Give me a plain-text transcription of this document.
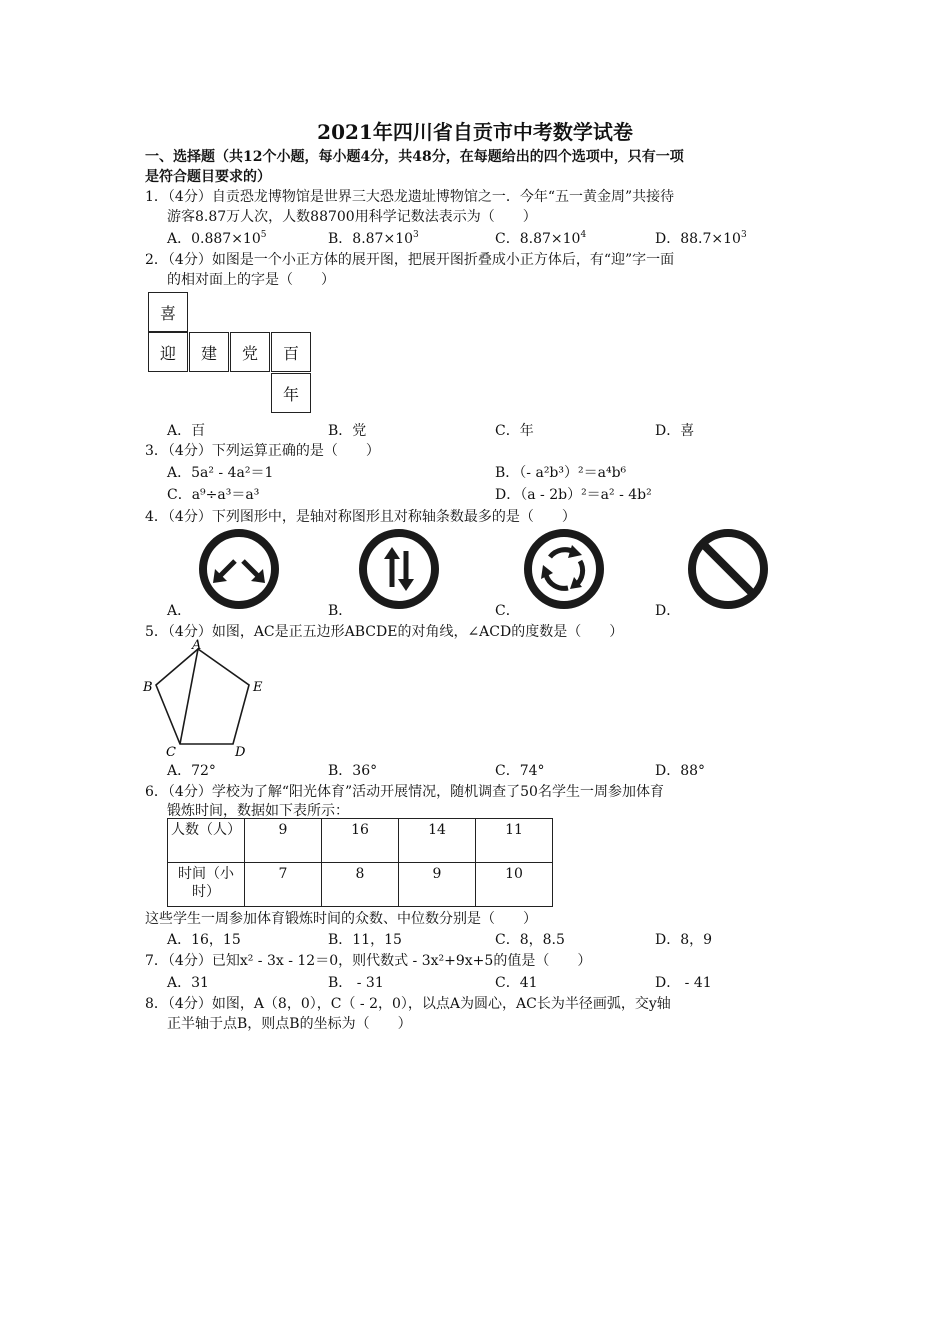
2021年四川省自贡市中考数学试卷
一、选择题（共12个小题，每小题4分，共48分，在每题给出的四个选项中，只有一项
是符合题目要求的）
1．（4分）自贡恐龙博物馆是世界三大恐龙遗址博物馆之一．今年“五一黄金周”共接待
游客8.87万人次，人数88700用科学记数法表示为（　　）
A．$0.887\times 10^5$	B．$8.87\times 10^3$	C．$8.87\times 10^4$	D．$88.7\times 10^3$
2．（4分）如图是一个小正方体的展开图，把展开图折叠成小正方体后，有“迎”字一面
的相对面上的字是（　　）
喜
迎	建	党	百
年
A．百	B．党	C．年	D．喜
3．（4分）下列运算正确的是（　　）
A．5a² - 4a²＝1	B．（- a²b³）²＝a⁴b⁶
C．a⁹÷a³＝a³	D．（a - 2b）²＝a² - 4b²
4．（4分）下列图形中，是轴对称图形且对称轴条数最多的是（　　）
A．	B．	C．	D．
5．（4分）如图，AC是正五边形ABCDE的对角线，∠ACD的度数是（　　）
A
B
C	D
E
A．72°	B．36°	C．74°	D．88°
6．（4分）学校为了解“阳光体育”活动开展情况，随机调查了50名学生一周参加体育
锻炼时间，数据如下表所示：
人数（人）	9	16	14	11
时间（小时）	7	8	9	10
这些学生一周参加体育锻炼时间的众数、中位数分别是（　　）
A．16，15	B．11，15	C．8，8.5	D．8，9
7．（4分）已知x² - 3x - 12＝0，则代数式 - 3x²+9x+5的值是（　　）
A．31	B． - 31	C．41	D． - 41
8．（4分）如图，A（8，0），C（ - 2，0），以点A为圆心，AC长为半径画弧，交y轴
正半轴于点B，则点B的坐标为（　　）
